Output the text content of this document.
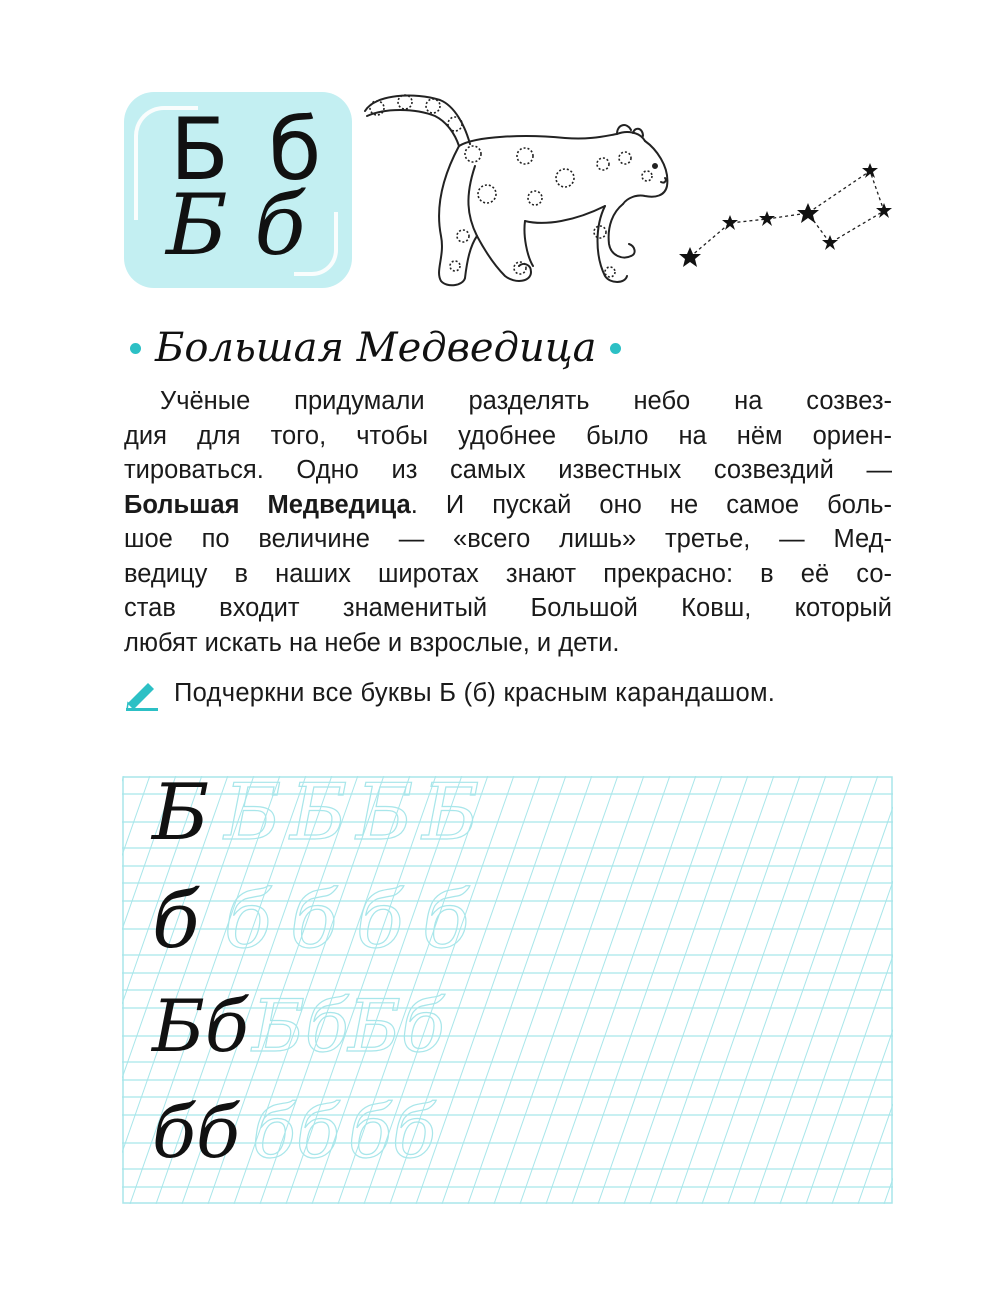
Б б
Б б
Большая Медведица
Учёные придумали разделять небо на созвез-
дия для того, чтобы удобнее было на нём ориен-
тироваться. Одно из самых известных созвездий —
Большая Медведица. И пускай оно не самое боль-
шое по величине — «всего лишь» третье, — Мед-
ведицу в наших широтах знают прекрасно: в её со-
став входит знаменитый Большой Ковш, который
любят искать на небе и взрослые, и дети.
Подчеркни все буквы Б (б) красным карандашом.
Б Б Б Б Б
б б б б б
Бб Бб Бб
бб бб бб
